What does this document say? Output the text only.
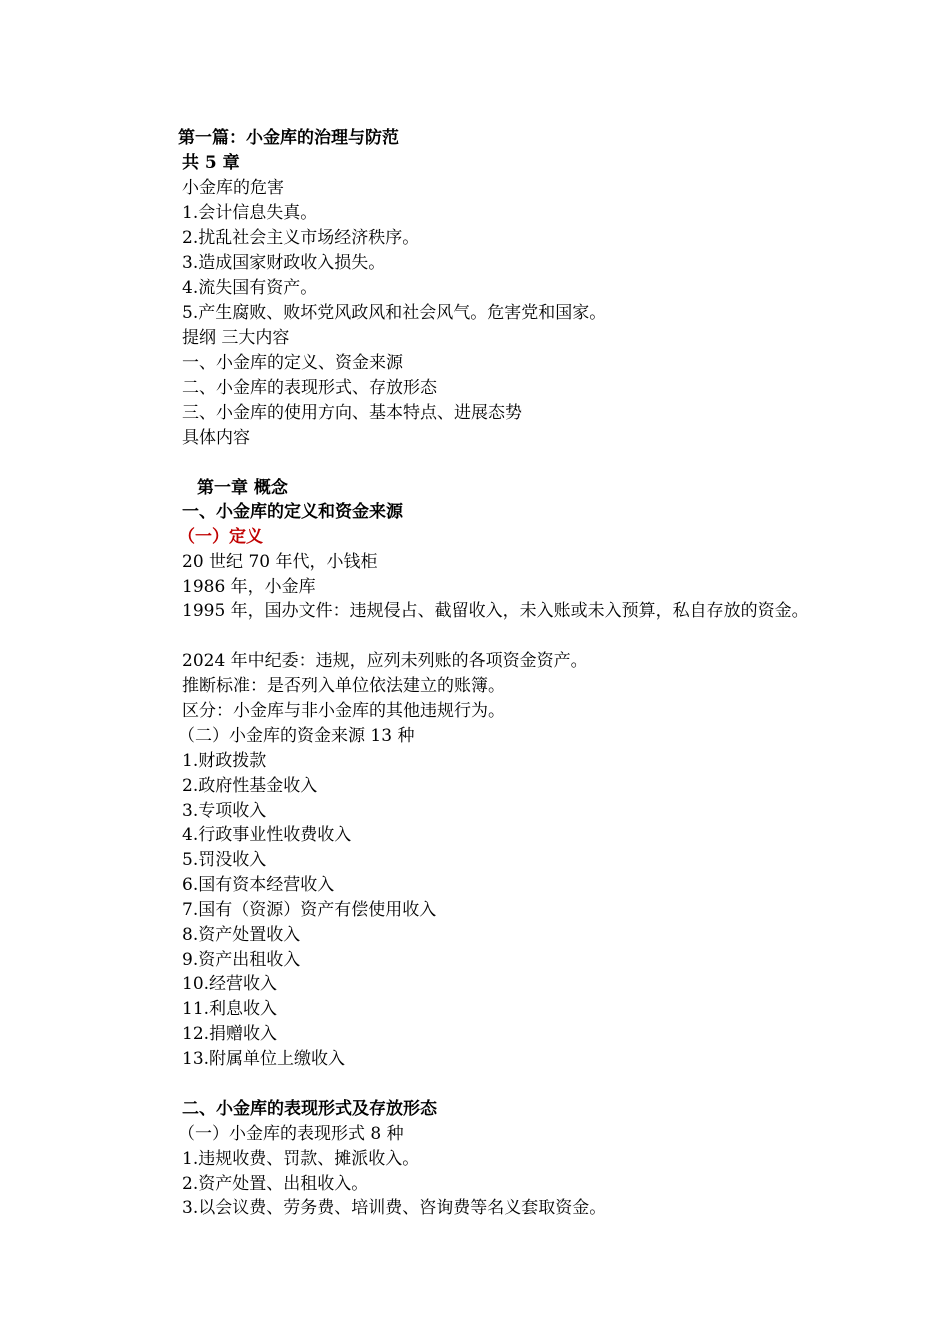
第一篇：小金库的治理与防范
共 5 章
小金库的危害
1.会计信息失真。
2.扰乱社会主义市场经济秩序。
3.造成国家财政收入损失。
4.流失国有资产。
5.产生腐败、败坏党风政风和社会风气。危害党和国家。
提纲 三大内容
一、小金库的定义、资金来源
二、小金库的表现形式、存放形态
三、小金库的使用方向、基本特点、进展态势
具体内容
第一章 概念
一、小金库的定义和资金来源
（一）定义
20 世纪 70 年代，小钱柜
1986 年，小金库
1995 年，国办文件：违规侵占、截留收入，未入账或未入预算，私自存放的资金。
2024 年中纪委：违规，应列未列账的各项资金资产。
推断标准：是否列入单位依法建立的账簿。
区分：小金库与非小金库的其他违规行为。
（二）小金库的资金来源 13 种
1.财政拨款
2.政府性基金收入
3.专项收入
4.行政事业性收费收入
5.罚没收入
6.国有资本经营收入
7.国有（资源）资产有偿使用收入
8.资产处置收入
9.资产出租收入
10.经营收入
11.利息收入
12.捐赠收入
13.附属单位上缴收入
二、小金库的表现形式及存放形态
（一）小金库的表现形式 8 种
1.违规收费、罚款、摊派收入。
2.资产处置、出租收入。
3.以会议费、劳务费、培训费、咨询费等名义套取资金。
